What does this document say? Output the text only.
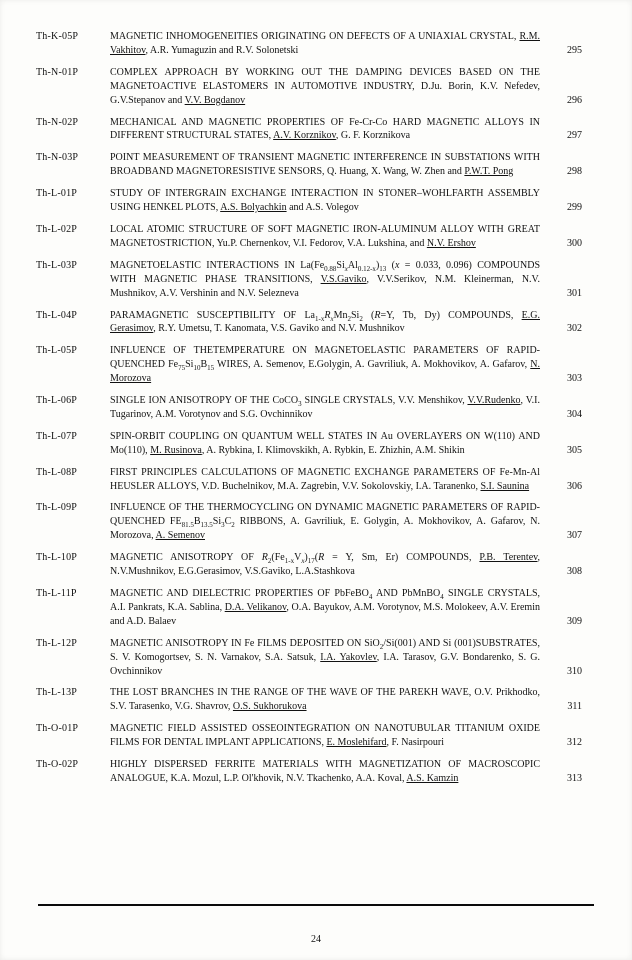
Th-K-05P	MAGNETIC INHOMOGENEITIES ORIGINATING ON DEFECTS OF A UNIAXIAL CRYSTAL, R.M. Vakhitov, A.R. Yumaguzin and R.V. Solonetski	295
Th-N-01P	COMPLEX APPROACH BY WORKING OUT THE DAMPING DEVICES BASED ON THE MAGNETOACTIVE ELASTOMERS IN AUTOMOTIVE INDUSTRY, D.Ju. Borin, K.V. Nefedev, G.V.Stepanov and V.V. Bogdanov	296
Th-N-02P	MECHANICAL AND MAGNETIC PROPERTIES OF Fe-Cr-Co HARD MAGNETIC ALLOYS IN DIFFERENT STRUCTURAL STATES, A.V. Korznikov, G. F. Korznikova	297
Th-N-03P	POINT MEASUREMENT OF TRANSIENT MAGNETIC INTERFERENCE IN SUBSTATIONS WITH BROADBAND MAGNETORESISTIVE SENSORS, Q. Huang, X. Wang, W. Zhen and P.W.T. Pong	298
Th-L-01P	STUDY OF INTERGRAIN EXCHANGE INTERACTION IN STONER–WOHLFARTH ASSEMBLY USING HENKEL PLOTS, A.S. Bolyachkin and A.S. Volegov	299
Th-L-02P	LOCAL ATOMIC STRUCTURE OF SOFT MAGNETIC IRON-ALUMINUM ALLOY WITH GREAT MAGNETOSTRICTION, Yu.P. Chernenkov, V.I. Fedorov, V.A. Lukshina, and N.V. Ershov	300
Th-L-03P	MAGNETOELASTIC INTERACTIONS IN $La(Fe_{0.88}Si_xAl_{0.12-x})_{13}$ (x = 0.033, 0.096) COMPOUNDS WITH MAGNETIC PHASE TRANSITIONS, V.S.Gaviko, V.V.Serikov, N.M. Kleinerman, N.V. Mushnikov, A.V. Vershinin and N.V. Selezneva	301
Th-L-04P	PARAMAGNETIC SUSCEPTIBILITY OF $La_{1-x}R_xMn_2Si_2$ (R=Y, Tb, Dy) COMPOUNDS, E.G. Gerasimov, R.Y. Umetsu, T. Kanomata, V.S. Gaviko and N.V. Mushnikov	302
Th-L-05P	INFLUENCE OF THETEMPERATURE ON MAGNETOELASTIC PARAMETERS OF RAPID-QUENCHED $Fe_{75}Si_{10}B_{15}$ WIRES, A. Semenov, E.Golygin, A. Gavriliuk, A. Mokhovikov, A. Gafarov, N. Morozova	303
Th-L-06P	SINGLE ION ANISOTROPY OF THE CoCO$_3$ SINGLE CRYSTALS, V.V. Menshikov, V.V.Rudenko, V.I. Tugarinov, A.M. Vorotynov and S.G. Ovchinnikov	304
Th-L-07P	SPIN-ORBIT COUPLING ON QUANTUM WELL STATES IN Au OVERLAYERS ON W(110) AND Mo(110), M. Rusinova, A. Rybkina, I. Klimovskikh, A. Rybkin, E. Zhizhin, A.M. Shikin	305
Th-L-08P	FIRST PRINCIPLES CALCULATIONS OF MAGNETIC EXCHANGE PARAMETERS OF Fe-Mn-Al HEUSLER ALLOYS, V.D. Buchelnikov, M.A. Zagrebin, V.V. Sokolovskiy, I.A. Taranenko, S.I. Saunina	306
Th-L-09P	INFLUENCE OF THE THERMOCYCLING ON DYNAMIC MAGNETIC PARAMETERS OF RAPID-QUENCHED $FE_{81.5}B_{13.5}Si_3C_2$ RIBBONS, A. Gavriliuk, E. Golygin, A. Mokhovikov, A. Gafarov, N. Morozova, A. Semenov	307
Th-L-10P	MAGNETIC ANISOTROPY OF $R_2(Fe_{1-x}V_x)_{17}(R = Y$, Sm, Er) COMPOUNDS, P.B. Terentev, N.V.Mushnikov, E.G.Gerasimov, V.S.Gaviko, L.A.Stashkova	308
Th-L-11P	MAGNETIC AND DIELECTRIC PROPERTIES OF PbFeBO$_4$ AND PbMnBO$_4$ SINGLE CRYSTALS, A.I. Pankrats, K.A. Sablina, D.A. Velikanov, O.A. Bayukov, A.M. Vorotynov, M.S. Molokeev, A.V. Eremin and A.D. Balaev	309
Th-L-12P	MAGNETIC ANISOTROPY IN Fe FILMS DEPOSITED ON SiO$_2$/Si(001) AND Si (001)SUBSTRATES, S. V. Komogortsev, S. N. Varnakov, S.A. Satsuk, I.A. Yakovlev, I.A. Tarasov, G.V. Bondarenko, S. G. Ovchinnikov	310
Th-L-13P	THE LOST BRANCHES IN THE RANGE OF THE WAVE OF THE PAREKH WAVE, O.V. Prikhodko, S.V. Tarasenko, V.G. Shavrov, O.S. Sukhorukova	311
Th-O-01P	MAGNETIC FIELD ASSISTED OSSEOINTEGRATION ON NANOTUBULAR TITANIUM OXIDE FILMS FOR DENTAL IMPLANT APPLICATIONS, E. Moslehifard, F. Nasirpouri	312
Th-O-02P	HIGHLY DISPERSED FERRITE MATERIALS WITH MAGNETIZATION OF MACROSCOPIC ANALOGUE, K.A. Mozul, L.P. Ol'khovik, N.V. Tkachenko, A.A. Koval, A.S. Kamzin	313
24
